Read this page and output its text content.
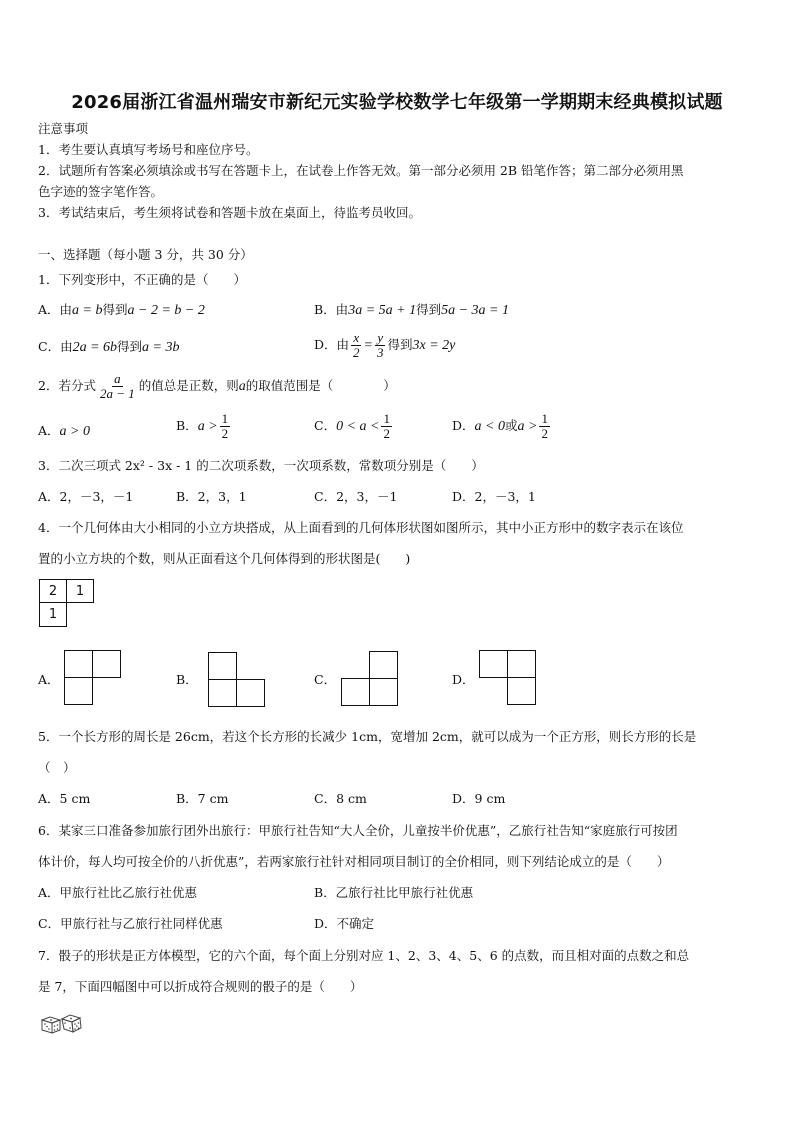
2026届浙江省温州瑞安市新纪元实验学校数学七年级第一学期期末经典模拟试题
注意事项
1．考生要认真填写考场号和座位序号。
2．试题所有答案必须填涂或书写在答题卡上，在试卷上作答无效。第一部分必须用 2B 铅笔作答；第二部分必须用黑
色字迹的签字笔作答。
3．考试结束后，考生须将试卷和答题卡放在桌面上，待监考员收回。
一、选择题（每小题 3 分，共 30 分）
1．下列变形中，不正确的是（　　）
A．由a = b得到a − 2 = b − 2	B．由3a = 5a + 1得到5a − 3a = 1
C．由2a = 6b得到a = 3b	D．由 $\frac{x}{2} = \frac{y}{3}$ 得到3x = 2y
2．若分式 $\frac{a}{2a - 1}$ 的值总是正数，则a的取值范围是（　　　　）
A．a > 0	B．$a > \frac{1}{2}$	C．$0 < a < \frac{1}{2}$	D．a < 0或$a > \frac{1}{2}$
3．二次三项式 2x² - 3x - 1 的二次项系数，一次项系数，常数项分别是（　　）
A．2，－3，－1	B．2，3，1	C．2，3，－1	D．2，－3，1
4．一个几何体由大小相同的小立方块搭成，从上面看到的几何体形状图如图所示，其中小正方形中的数字表示在该位
置的小立方块的个数，则从正面看这个几何体得到的形状图是(　　)
2	1
1
A．	B．	C．	D．
5．一个长方形的周长是 26cm，若这个长方形的长减少 1cm，宽增加 2cm，就可以成为一个正方形，则长方形的长是
（　）
A．5 cm	B．7 cm	C．8 cm	D．9 cm
6．某家三口准备参加旅行团外出旅行：甲旅行社告知“大人全价，儿童按半价优惠”，乙旅行社告知“家庭旅行可按团
体计价，每人均可按全价的八折优惠”，若两家旅行社针对相同项目制订的全价相同，则下列结论成立的是（　　）
A．甲旅行社比乙旅行社优惠	B．乙旅行社比甲旅行社优惠
C．甲旅行社与乙旅行社同样优惠	D．不确定
7．骰子的形状是正方体模型，它的六个面，每个面上分别对应 1、2、3、4、5、6 的点数，而且相对面的点数之和总
是 7，下面四幅图中可以折成符合规则的骰子的是（　　）
